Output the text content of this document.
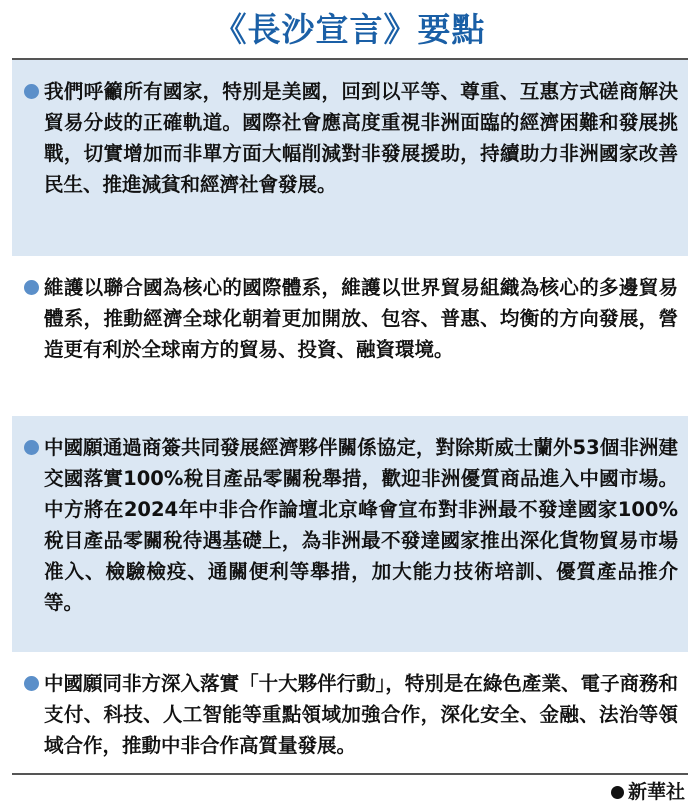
《長沙宣言》要點
我們呼籲所有國家，特別是美國，回到以平等、尊重、互惠方式磋商解決貿易分歧的正確軌道。國際社會應高度重視非洲面臨的經濟困難和發展挑戰，切實增加而非單方面大幅削減對非發展援助，持續助力非洲國家改善民生、推進減貧和經濟社會發展。
維護以聯合國為核心的國際體系，維護以世界貿易組織為核心的多邊貿易體系，推動經濟全球化朝着更加開放、包容、普惠、均衡的方向發展，營造更有利於全球南方的貿易、投資、融資環境。
中國願通過商簽共同發展經濟夥伴關係協定，對除斯威士蘭外53個非洲建交國落實100%稅目產品零關稅舉措，歡迎非洲優質商品進入中國市場。中方將在2024年中非合作論壇北京峰會宣布對非洲最不發達國家100%稅目產品零關稅待遇基礎上，為非洲最不發達國家推出深化貨物貿易市場准入、檢驗檢疫、通關便利等舉措，加大能力技術培訓、優質產品推介等。
中國願同非方深入落實「十大夥伴行動」，特別是在綠色產業、電子商務和支付、科技、人工智能等重點領域加強合作，深化安全、金融、法治等領域合作，推動中非合作高質量發展。
新華社
